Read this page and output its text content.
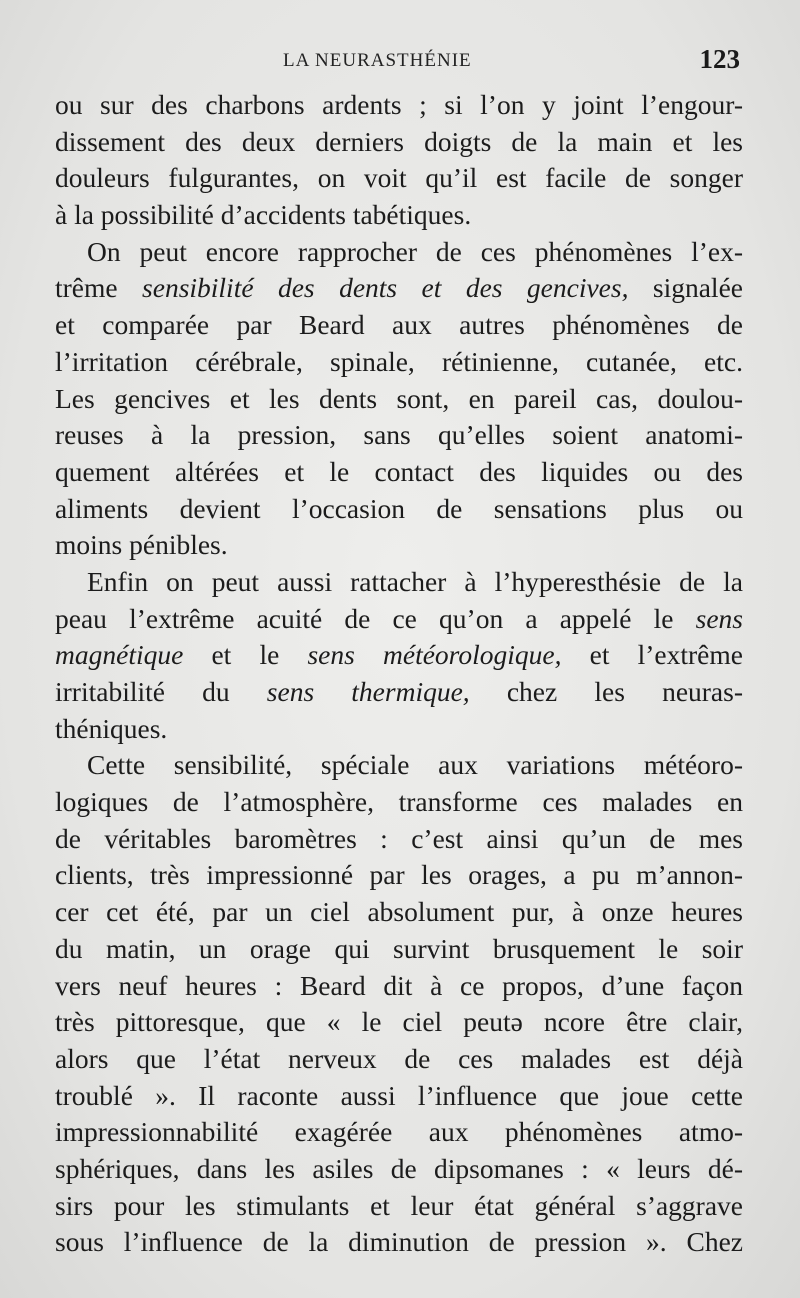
LA NEURASTHÉNIE	123
ou sur des charbons ardents ; si l’on y joint l’engour-
dissement des deux derniers doigts de la main et les
douleurs fulgurantes, on voit qu’il est facile de songer
à la possibilité d’accidents tabétiques.
On peut encore rapprocher de ces phénomènes l’ex-
trême sensibilité des dents et des gencives, signalée
et comparée par Beard aux autres phénomènes de
l’irritation cérébrale, spinale, rétinienne, cutanée, etc.
Les gencives et les dents sont, en pareil cas, doulou-
reuses à la pression, sans qu’elles soient anatomi-
quement altérées et le contact des liquides ou des
aliments devient l’occasion de sensations plus ou
moins pénibles.
Enfin on peut aussi rattacher à l’hyperesthésie de la
peau l’extrême acuité de ce qu’on a appelé le sens
magnétique et le sens météorologique, et l’extrême
irritabilité du sens thermique, chez les neuras-
théniques.
Cette sensibilité, spéciale aux variations météoro-
logiques de l’atmosphère, transforme ces malades en
de véritables baromètres : c’est ainsi qu’un de mes
clients, très impressionné par les orages, a pu m’annon-
cer cet été, par un ciel absolument pur, à onze heures
du matin, un orage qui survint brusquement le soir
vers neuf heures : Beard dit à ce propos, d’une façon
très pittoresque, que « le ciel peutə ncore être clair,
alors que l’état nerveux de ces malades est déjà
troublé ». Il raconte aussi l’influence que joue cette
impressionnabilité exagérée aux phénomènes atmo-
sphériques, dans les asiles de dipsomanes : « leurs dé-
sirs pour les stimulants et leur état général s’aggrave
sous l’influence de la diminution de pression ». Chez
